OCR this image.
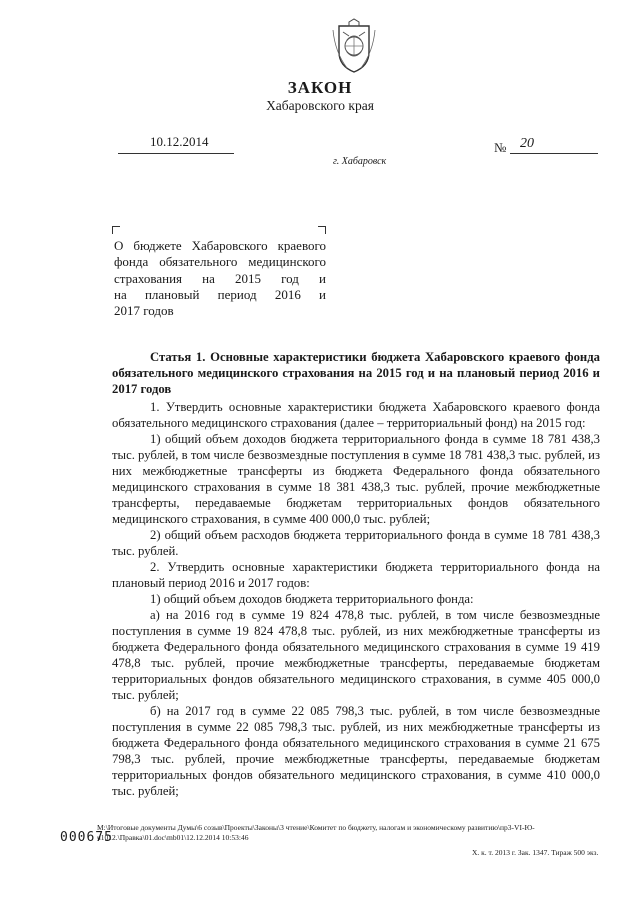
ЗАКОН
Хабаровского края
10.12.2014	№ 20
г. Хабаровск
О бюджете Хабаровского краевого
фонда обязательного медицинского
страхования на 2015 год и
на плановый период 2016 и
2017 годов

Статья 1. Основные характеристики бюджета Хабаровского краевого фонда обязательного медицинского страхования на 2015 год и на плановый период 2016 и 2017 годов

1. Утвердить основные характеристики бюджета Хабаровского краевого фонда обязательного медицинского страхования (далее – территориальный фонд) на 2015 год:

1) общий объем доходов бюджета территориального фонда в сумме 18 781 438,3 тыс. рублей, в том числе безвозмездные поступления в сумме 18 781 438,3 тыс. рублей, из них межбюджетные трансферты из бюджета Федерального фонда обязательного медицинского страхования в сумме 18 381 438,3 тыс. рублей, прочие межбюджетные трансферты, передаваемые бюджетам территориальных фондов обязательного медицинского страхования, в сумме 400 000,0 тыс. рублей;

2) общий объем расходов бюджета территориального фонда в сумме 18 781 438,3 тыс. рублей.

2. Утвердить основные характеристики бюджета территориального фонда на плановый период 2016 и 2017 годов:

1) общий объем доходов бюджета территориального фонда:

а) на 2016 год в сумме 19 824 478,8 тыс. рублей, в том числе безвозмездные поступления в сумме 19 824 478,8 тыс. рублей, из них межбюджетные трансферты из бюджета Федерального фонда обязательного медицинского страхования в сумме 19 419 478,8 тыс. рублей, прочие межбюджетные трансферты, передаваемые бюджетам территориальных фондов обязательного медицинского страхования, в сумме 405 000,0 тыс. рублей;

б) на 2017 год в сумме 22 085 798,3 тыс. рублей, в том числе безвозмездные поступления в сумме 22 085 798,3 тыс. рублей, из них межбюджетные трансферты из бюджета Федерального фонда обязательного медицинского страхования в сумме 21 675 798,3 тыс. рублей, прочие межбюджетные трансферты, передаваемые бюджетам территориальных фондов обязательного медицинского страхования, в сумме 410 000,0 тыс. рублей;

000675
М:\Итоговые документы Думы\6 созыв\Проекты\Законы\3 чтение\Комитет по бюджету, налогам и экономическому развитию\пр3-VI-Ю-ч1012.\Правка\01.doc\mb01\12.12.2014 10:53:46
Х. к. т. 2013 г. Зак. 1347. Тираж 500 экз.
